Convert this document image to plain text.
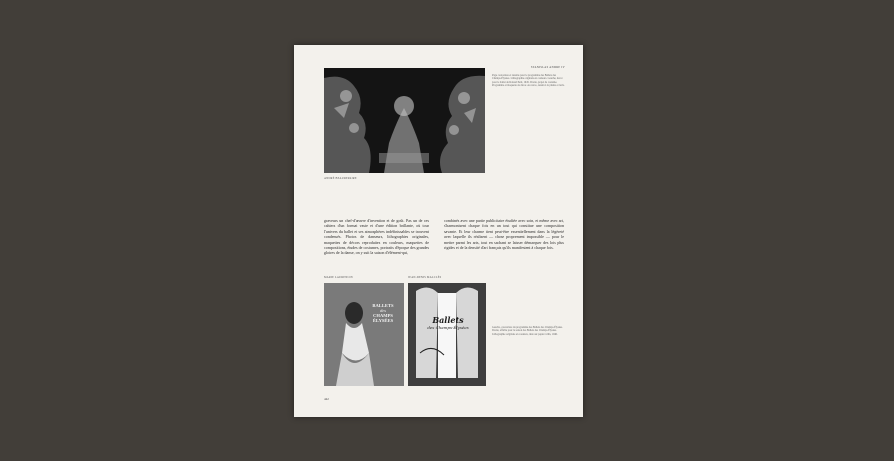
STANISLAS ANDRE IV
ANDRÉ BEAUREPAIRE
Page couverture et dessins pour le programme des Ballets des Champs-Élysées. Lithographie originale en couleurs. Gauche, décor pour le ballet de Roland Petit, 1945. Droite, projet de costume. Programme et maquette de décor. Au verso, dessin à la plume et lavis.
graveurs un chef-d'œuvre d'invention et de goût. Pas un de ces cahiers d'un format vaste et d'une édition brillante, où tour l'univers du ballet et ses atmosphères indéfinissables se trouvent condensés. Photos de danseurs, lithographies originales, maquettes de décors reproduites en couleurs, maquettes de compositions, études de costumes, portraits d'époque des grandes gloires de la danse, on y suit la saison d'élément-qui,
combinés avec une partie publicitaire étudiée avec soin, et même avec art, s'harmonisent chaque fois en un tout qui constitue une composition savante. Et leur charme tient peut-être essentiellement dans la légèreté avec laquelle ils réalisent — chose proprement impossible — pour le mettre parmi les arts, tout en sachant se laisser démarquer des lois plus rigides et de la densité d'art français qu'ils manifestent à chaque fois.
MARIE LAURENCIN	JEAN-DENIS MALCLÈS
BALLETS
des
CHAMPS
ÉLYSÉES	Ballets
des Champs-Élysées	Gauche, couverture du programme des Ballets des Champs-Élysées. Droite, affiche pour la saison des Ballets des Champs-Élysées. Lithographie originale en couleurs, tirée sur papier vélin, 1946.
442
